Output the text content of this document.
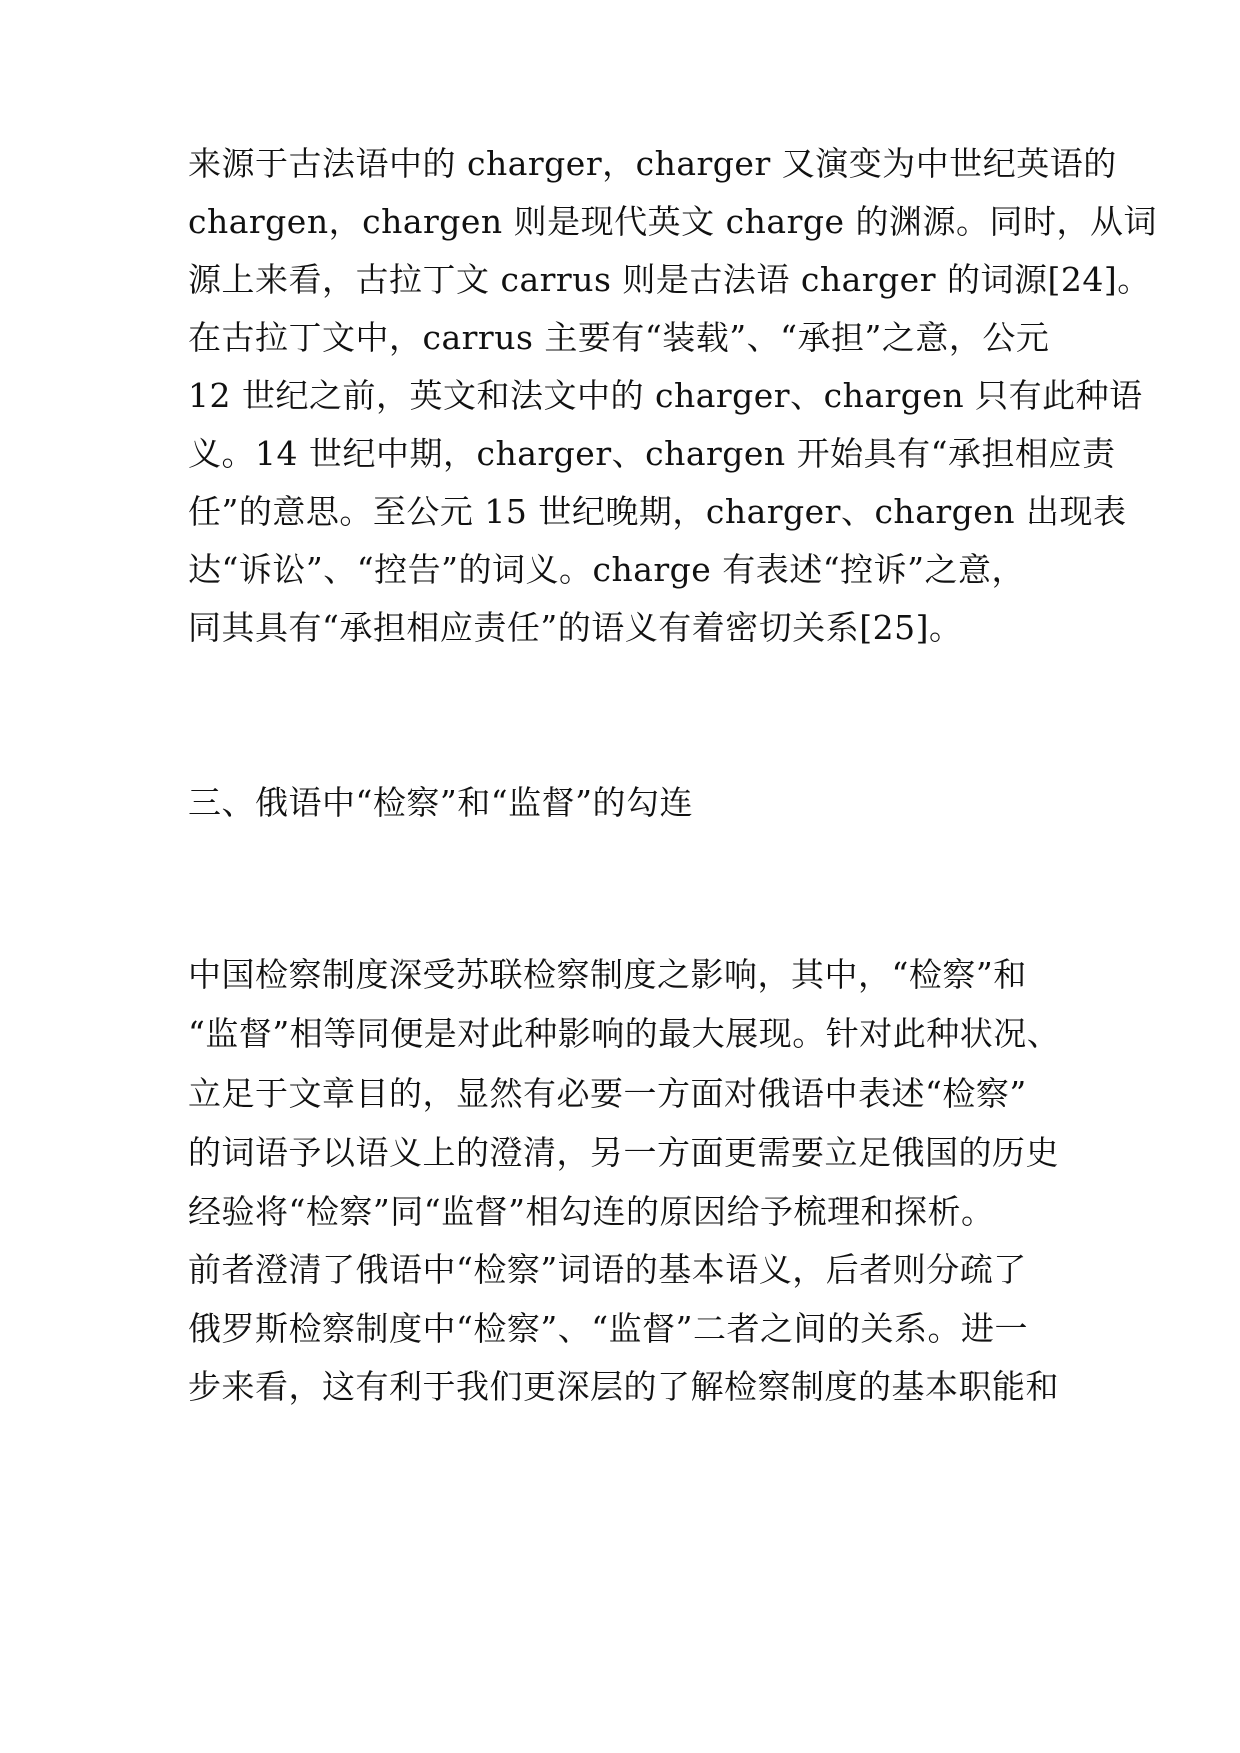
来源于古法语中的 charger，charger 又演变为中世纪英语的
chargen，chargen 则是现代英文 charge 的渊源。同时，从词
源上来看，古拉丁文 carrus 则是古法语 charger 的词源[24]。
在古拉丁文中，carrus 主要有“装载”、“承担”之意，公元
12 世纪之前，英文和法文中的 charger、chargen 只有此种语
义。14 世纪中期，charger、chargen 开始具有“承担相应责
任”的意思。至公元 15 世纪晚期，charger、chargen 出现表
达“诉讼”、“控告”的词义。charge 有表述“控诉”之意，
同其具有“承担相应责任”的语义有着密切关系[25]。
三、俄语中“检察”和“监督”的勾连
中国检察制度深受苏联检察制度之影响，其中，“检察”和
“监督”相等同便是对此种影响的最大展现。针对此种状况、
立足于文章目的，显然有必要一方面对俄语中表述“检察”
的词语予以语义上的澄清，另一方面更需要立足俄国的历史
经验将“检察”同“监督”相勾连的原因给予梳理和探析。
前者澄清了俄语中“检察”词语的基本语义，后者则分疏了
俄罗斯检察制度中“检察”、“监督”二者之间的关系。进一
步来看，这有利于我们更深层的了解检察制度的基本职能和
